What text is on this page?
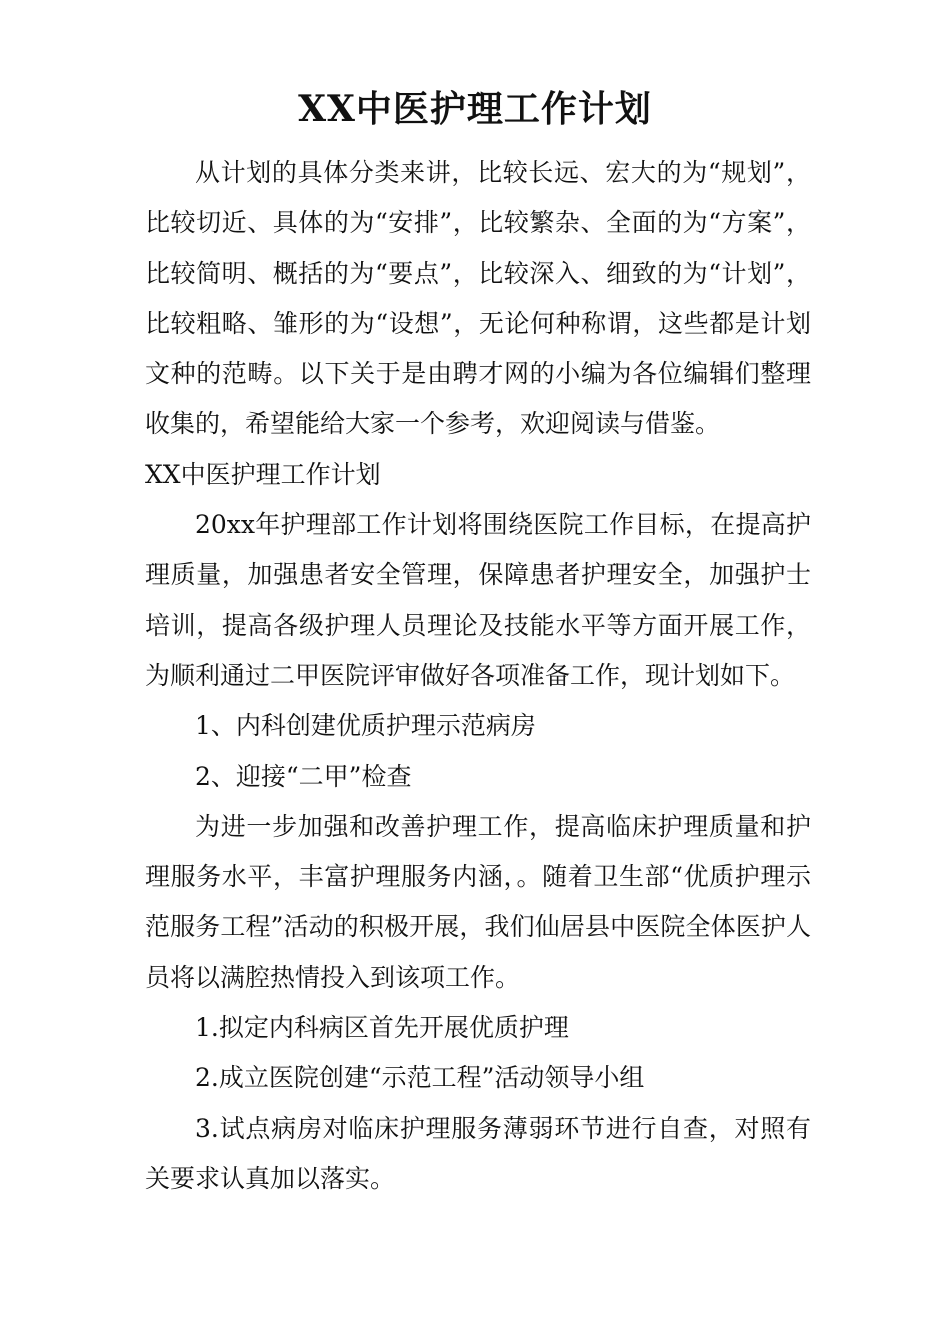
XX中医护理工作计划

从计划的具体分类来讲，比较长远、宏大的为“规划”，比较切近、具体的为“安排”，比较繁杂、全面的为“方案”，比较简明、概括的为“要点”，比较深入、细致的为“计划”，比较粗略、雏形的为“设想”，无论何种称谓，这些都是计划文种的范畴。以下关于是由聘才网的小编为各位编辑们整理收集的，希望能给大家一个参考，欢迎阅读与借鉴。

XX中医护理工作计划

20xx年护理部工作计划将围绕医院工作目标，在提高护理质量，加强患者安全管理，保障患者护理安全，加强护士培训，提高各级护理人员理论及技能水平等方面开展工作，为顺利通过二甲医院评审做好各项准备工作，现计划如下。

1、内科创建优质护理示范病房

2、迎接“二甲”检查

为进一步加强和改善护理工作，提高临床护理质量和护理服务水平，丰富护理服务内涵，。随着卫生部“优质护理示范服务工程”活动的积极开展，我们仙居县中医院全体医护人员将以满腔热情投入到该项工作。

1.拟定内科病区首先开展优质护理

2.成立医院创建“示范工程”活动领导小组

3.试点病房对临床护理服务薄弱环节进行自查，对照有关要求认真加以落实。
